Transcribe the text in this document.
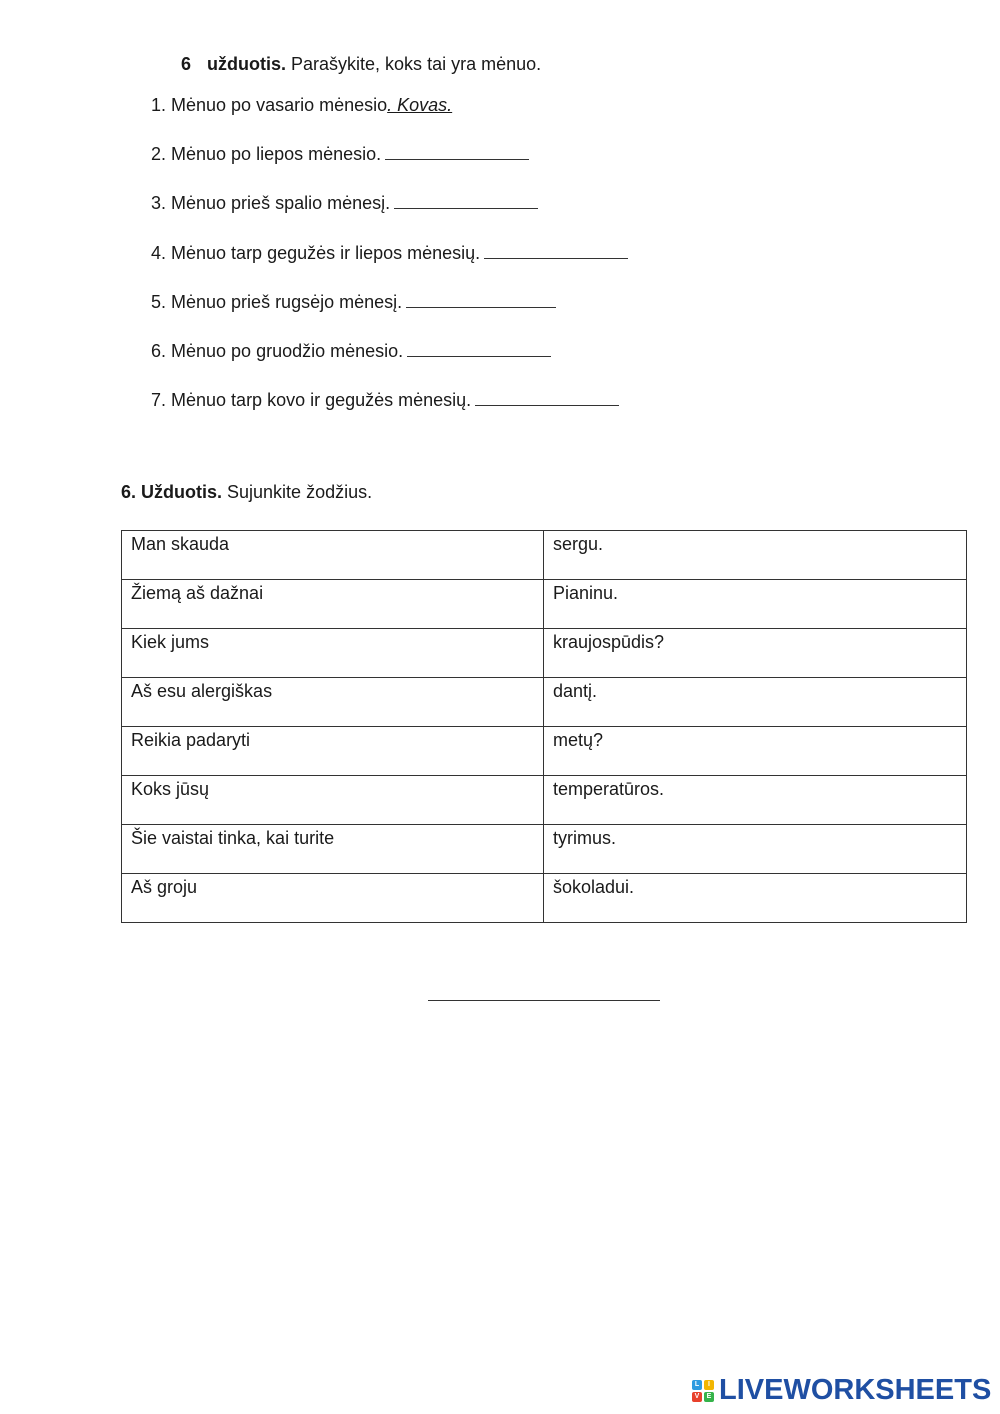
6 užduotis. Parašykite, koks tai yra mėnuo.
1. Mėnuo po vasario mėnesio. Kovas.
2. Mėnuo po liepos mėnesio.
3. Mėnuo prieš spalio mėnesį.
4. Mėnuo tarp gegužės ir liepos mėnesių.
5. Mėnuo prieš rugsėjo mėnesį.
6. Mėnuo po gruodžio mėnesio.
7. Mėnuo tarp kovo ir gegužės mėnesių.
6. Užduotis. Sujunkite žodžius.
Man skauda	sergu.
Žiemą aš dažnai	Pianinu.
Kiek jums	kraujospūdis?
Aš esu alergiškas	dantį.
Reikia padaryti	metų?
Koks jūsų	temperatūros.
Šie vaistai tinka, kai turite	tyrimus.
Aš groju	šokoladui.
L	I
V	E LIVEWORKSHEETS
